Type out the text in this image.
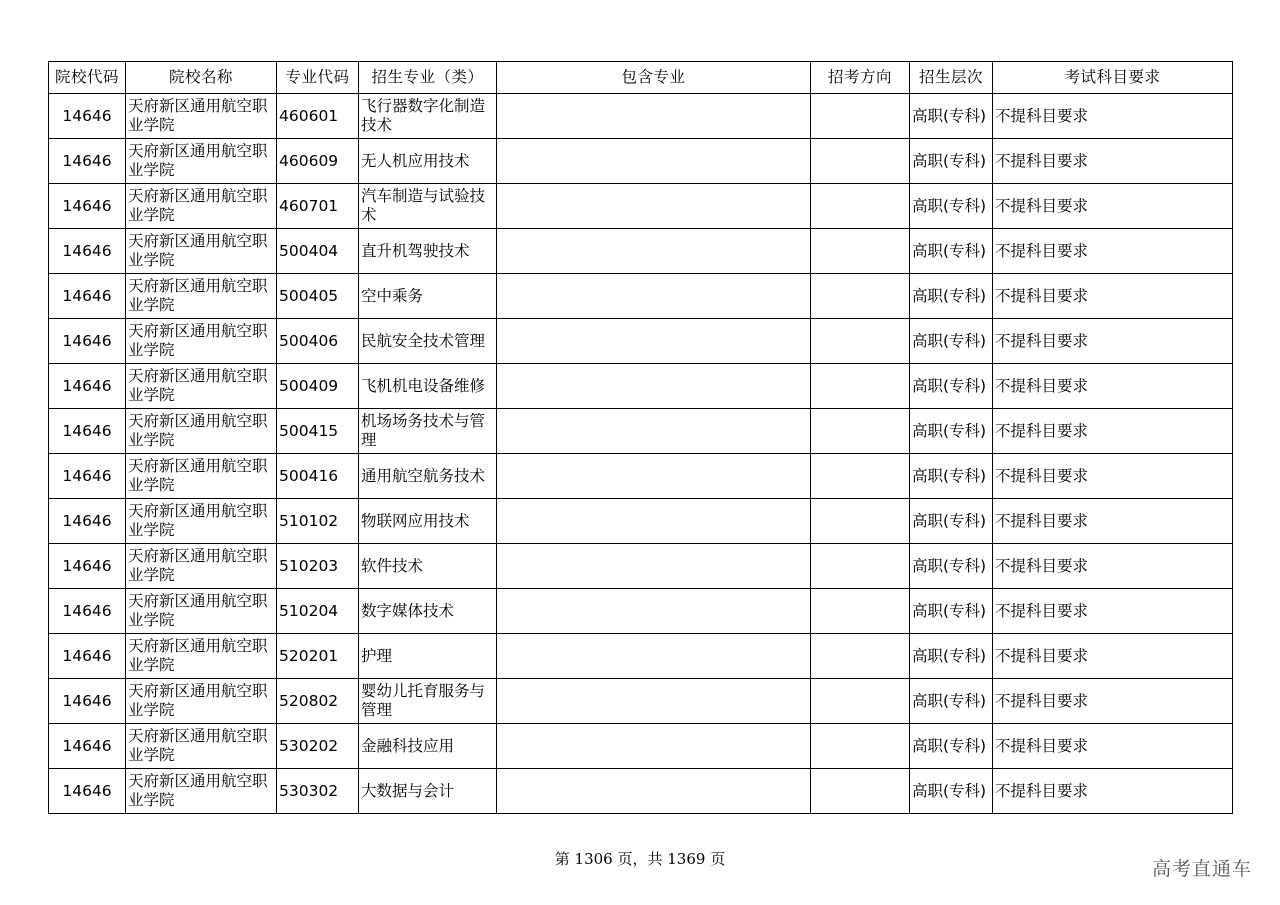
院校代码	院校名称	专业代码	招生专业（类）	包含专业	招考方向	招生层次	考试科目要求
14646	天府新区通用航空职业学院	460601	飞行器数字化制造技术			高职(专科)	不提科目要求
14646	天府新区通用航空职业学院	460609	无人机应用技术			高职(专科)	不提科目要求
14646	天府新区通用航空职业学院	460701	汽车制造与试验技术			高职(专科)	不提科目要求
14646	天府新区通用航空职业学院	500404	直升机驾驶技术			高职(专科)	不提科目要求
14646	天府新区通用航空职业学院	500405	空中乘务			高职(专科)	不提科目要求
14646	天府新区通用航空职业学院	500406	民航安全技术管理			高职(专科)	不提科目要求
14646	天府新区通用航空职业学院	500409	飞机机电设备维修			高职(专科)	不提科目要求
14646	天府新区通用航空职业学院	500415	机场场务技术与管理			高职(专科)	不提科目要求
14646	天府新区通用航空职业学院	500416	通用航空航务技术			高职(专科)	不提科目要求
14646	天府新区通用航空职业学院	510102	物联网应用技术			高职(专科)	不提科目要求
14646	天府新区通用航空职业学院	510203	软件技术			高职(专科)	不提科目要求
14646	天府新区通用航空职业学院	510204	数字媒体技术			高职(专科)	不提科目要求
14646	天府新区通用航空职业学院	520201	护理			高职(专科)	不提科目要求
14646	天府新区通用航空职业学院	520802	婴幼儿托育服务与管理			高职(专科)	不提科目要求
14646	天府新区通用航空职业学院	530202	金融科技应用			高职(专科)	不提科目要求
14646	天府新区通用航空职业学院	530302	大数据与会计			高职(专科)	不提科目要求
第 1306 页，共 1369 页	高考直通车
